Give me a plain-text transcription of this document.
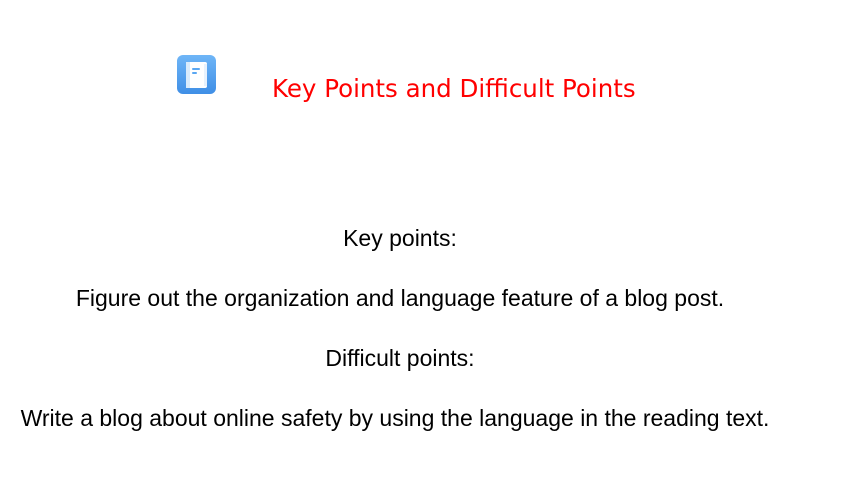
Key Points and Difficult Points
Key points:
Figure out the organization and language feature of a blog post.
Difficult points:
Write a blog about online safety by using the language in the reading text.
